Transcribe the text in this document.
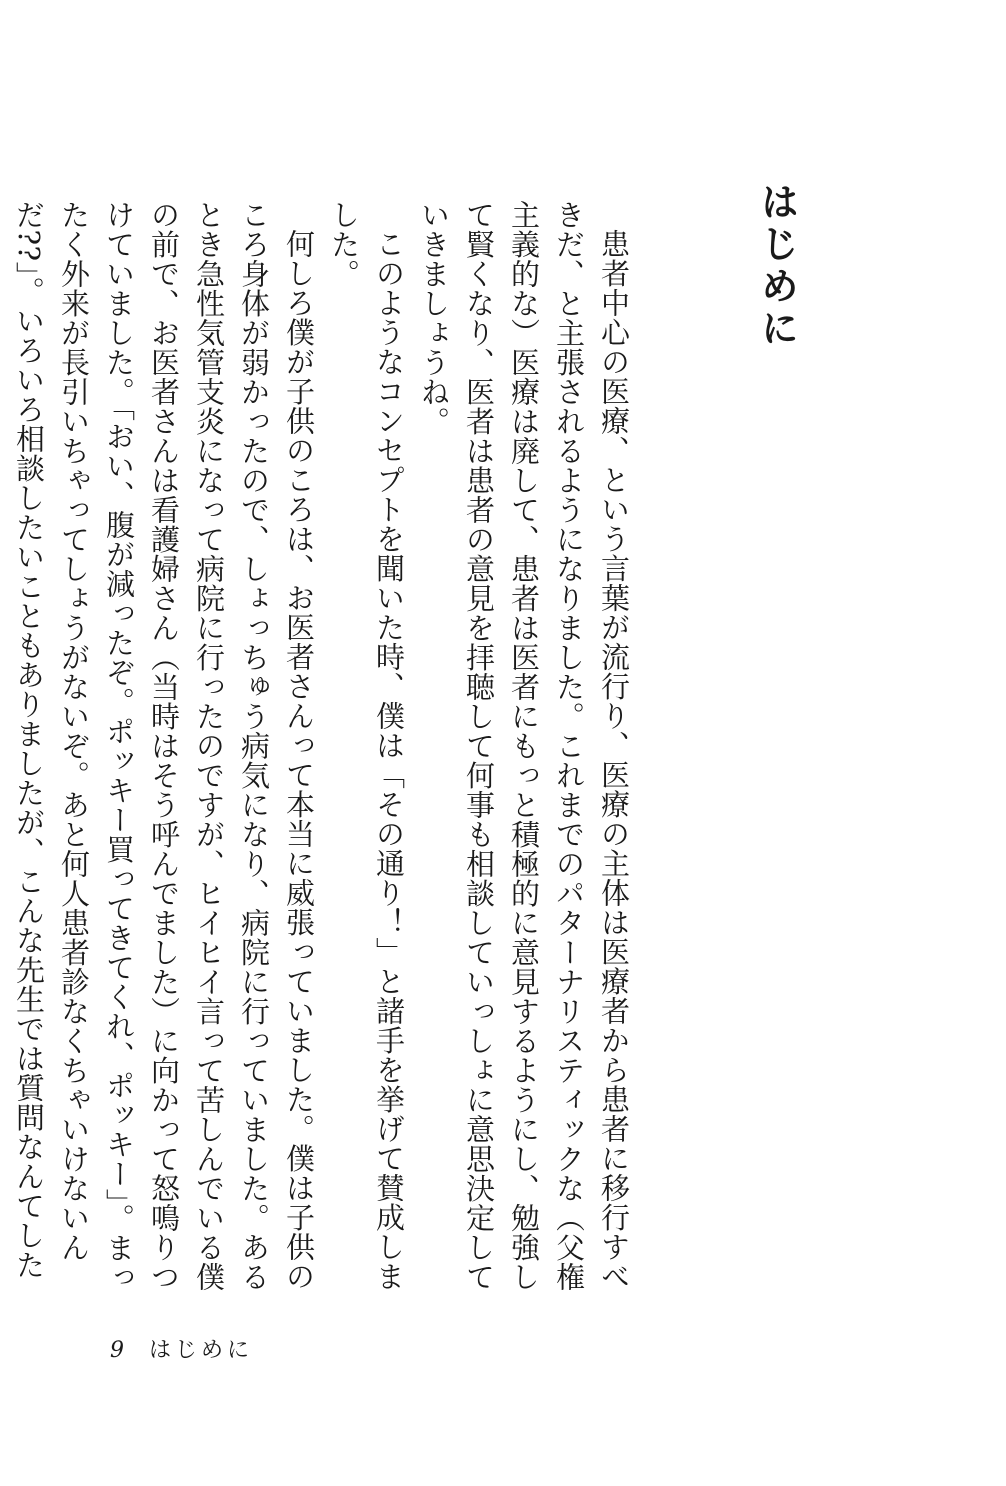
はじめに

患者中心の医療、という言葉が流行り、医療の主体は医療者から患者に移行すべきだ、と主張されるようになりました。これまでのパターナリスティックな（父権主義的な）医療は廃して、患者は医者にもっと積極的に意見するようにし、勉強して賢くなり、医者は患者の意見を拝聴して何事も相談していっしょに意思決定していきましょうね。

このようなコンセプトを聞いた時、僕は「その通り！」と諸手を挙げて賛成しました。

何しろ僕が子供のころは、お医者さんって本当に威張っていました。僕は子供のころ身体が弱かったので、しょっちゅう病気になり、病院に行っていました。あるとき急性気管支炎になって病院に行ったのですが、ヒイヒイ言って苦しんでいる僕の前で、お医者さんは看護婦さん（当時はそう呼んでました）に向かって怒鳴りつけていました。「おい、腹が減ったぞ。ポッキー買ってきてくれ、ポッキー」。まったく外来が長引いちゃってしょうがないぞ。あと何人患者診なくちゃいけないんだ??」。いろいろ相談したいこともありましたが、こんな先生では質問なんてした

9 はじめに
